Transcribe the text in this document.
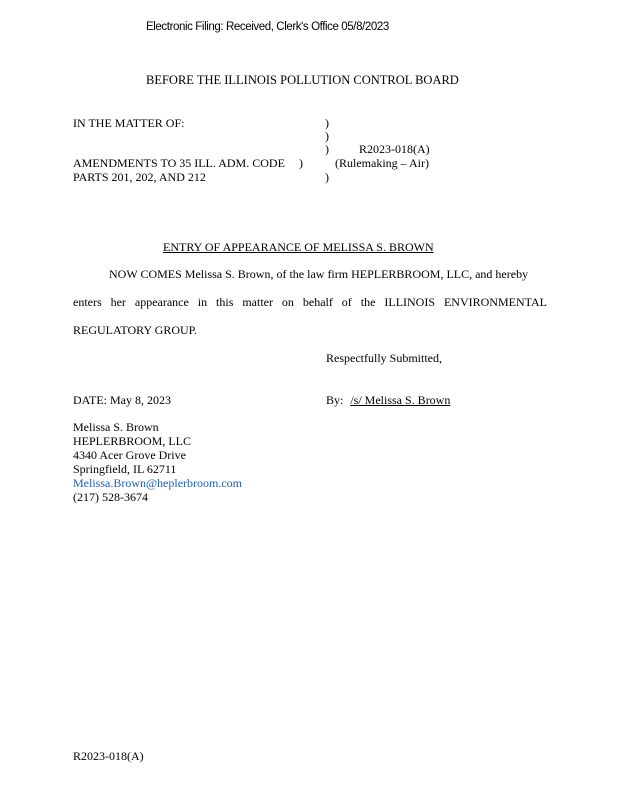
Electronic Filing: Received, Clerk's Office 05/8/2023
BEFORE THE ILLINOIS POLLUTION CONTROL BOARD
IN THE MATTER OF:	)
)
)	R2023-018(A)
AMENDMENTS TO 35 ILL. ADM. CODE )	(Rulemaking – Air)
PARTS 201, 202, AND 212	)
ENTRY OF APPEARANCE OF MELISSA S. BROWN
NOW COMES Melissa S. Brown, of the law firm HEPLERBROOM, LLC, and hereby
enters her appearance in this matter on behalf of the ILLINOIS ENVIRONMENTAL
REGULATORY GROUP.
Respectfully Submitted,
DATE: May 8, 2023	By: /s/ Melissa S. Brown
Melissa S. Brown
HEPLERBROOM, LLC
4340 Acer Grove Drive
Springfield, IL 62711
Melissa.Brown@heplerbroom.com
(217) 528-3674
R2023-018(A)
